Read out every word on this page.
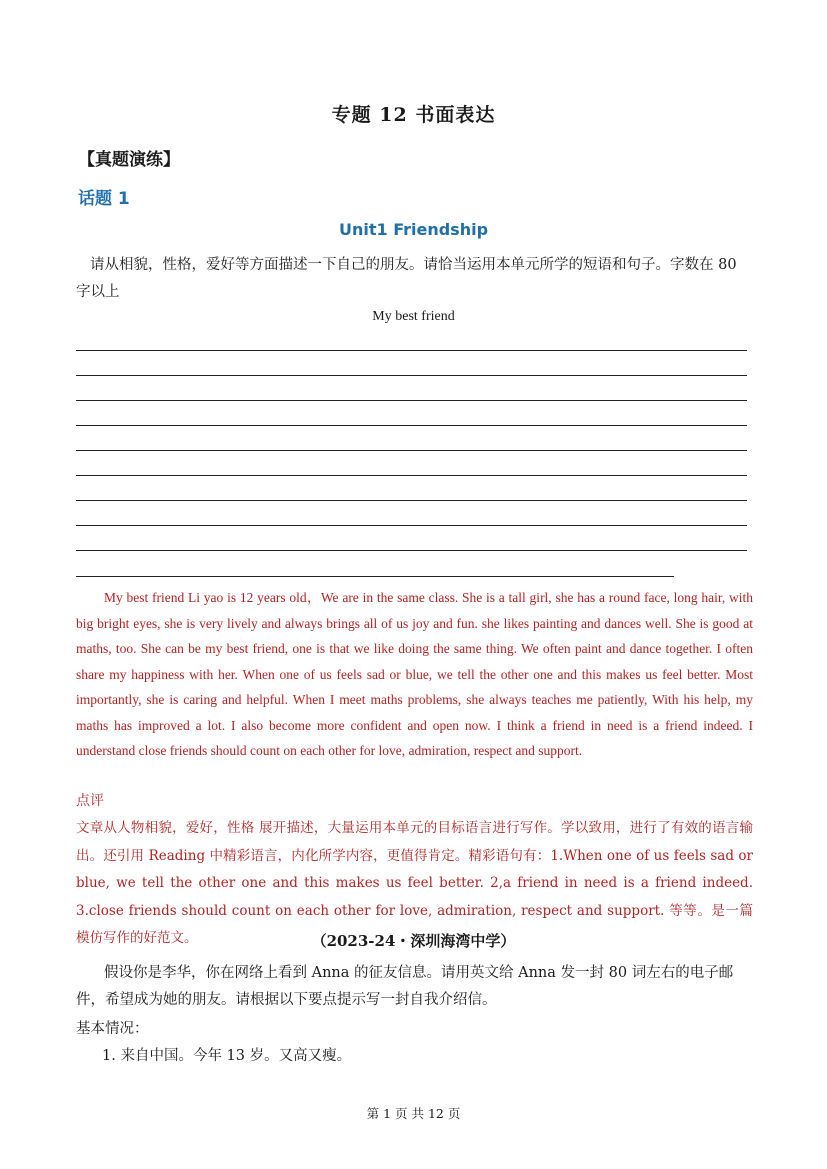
专题 12 书面表达
【真题演练】
话题 1
Unit1 Friendship
请从相貌，性格，爱好等方面描述一下自己的朋友。请恰当运用本单元所学的短语和句子。字数在 80 字以上
My best friend
My best friend Li yao is 12 years old，We are in the same class. She is a tall girl, she has a round face, long hair, with big bright eyes, she is very lively and always brings all of us joy and fun. she likes painting and dances well. She is good at maths, too. She can be my best friend, one is that we like doing the same thing. We often paint and dance together. I often share my happiness with her. When one of us feels sad or blue, we tell the other one and this makes us feel better. Most importantly, she is caring and helpful. When I meet maths problems, she always teaches me patiently, With his help, my maths has improved a lot. I also become more confident and open now. I think a friend in need is a friend indeed. I understand close friends should count on each other for love, admiration, respect and support.
点评
文章从人物相貌，爱好，性格 展开描述，大量运用本单元的目标语言进行写作。学以致用，进行了有效的语言输出。还引用 Reading 中精彩语言，内化所学内容，更值得肯定。精彩语句有：1.When one of us feels sad or blue, we tell the other one and this makes us feel better. 2,a friend in need is a friend indeed. 3.close friends should count on each other for love, admiration, respect and support. 等等。是一篇模仿写作的好范文。	（2023-24・深圳海湾中学）
假设你是李华，你在网络上看到 Anna 的征友信息。请用英文给 Anna 发一封 80 词左右的电子邮件，希望成为她的朋友。请根据以下要点提示写一封自我介绍信。
基本情况：
1. 来自中国。今年 13 岁。又高又瘦。
第 1 页 共 12 页
